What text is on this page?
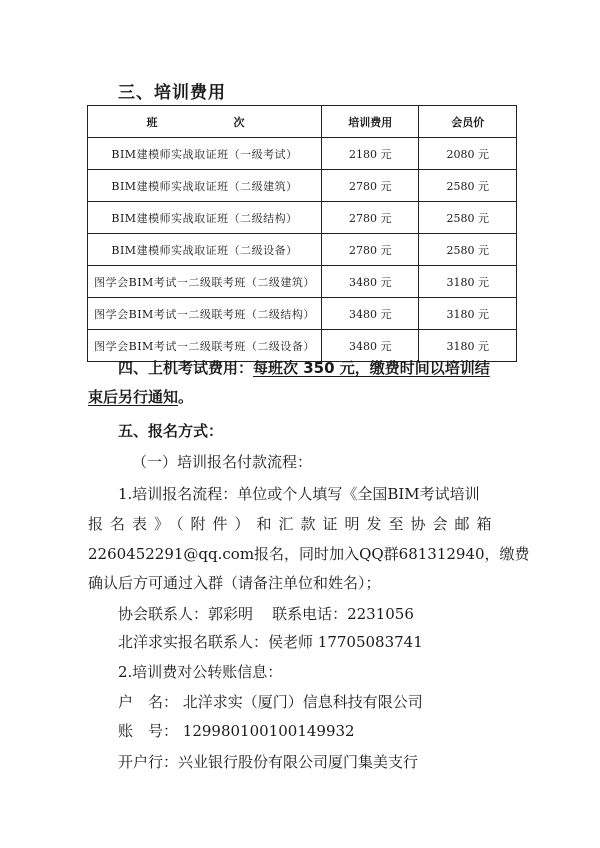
三、培训费用
班　　次	培训费用	会员价
BIM建模师实战取证班（一级考试）	2180 元	2080 元
BIM建模师实战取证班（二级建筑）	2780 元	2580 元
BIM建模师实战取证班（二级结构）	2780 元	2580 元
BIM建模师实战取证班（二级设备）	2780 元	2580 元
图学会BIM考试一二级联考班（二级建筑）	3480 元	3180 元
图学会BIM考试一二级联考班（二级结构）	3480 元	3180 元
图学会BIM考试一二级联考班（二级设备）	3480 元	3180 元
四、上机考试费用：每班次 350 元，缴费时间以培训结
束后另行通知。
五、报名方式：
（一）培训报名付款流程：
1.培训报名流程：单位或个人填写《全国BIM考试培训
报名表》（附件）和汇款证明发至协会邮箱
2260452291@qq.com报名，同时加入QQ群681312940，缴费
确认后方可通过入群（请备注单位和姓名）；
协会联系人：郭彩明 联系电话：2231056
北洋求实报名联系人：侯老师 17705083741
2.培训费对公转账信息：
户　名： 北洋求实（厦门）信息科技有限公司
账　号： 129980100100149932
开户行：兴业银行股份有限公司厦门集美支行
